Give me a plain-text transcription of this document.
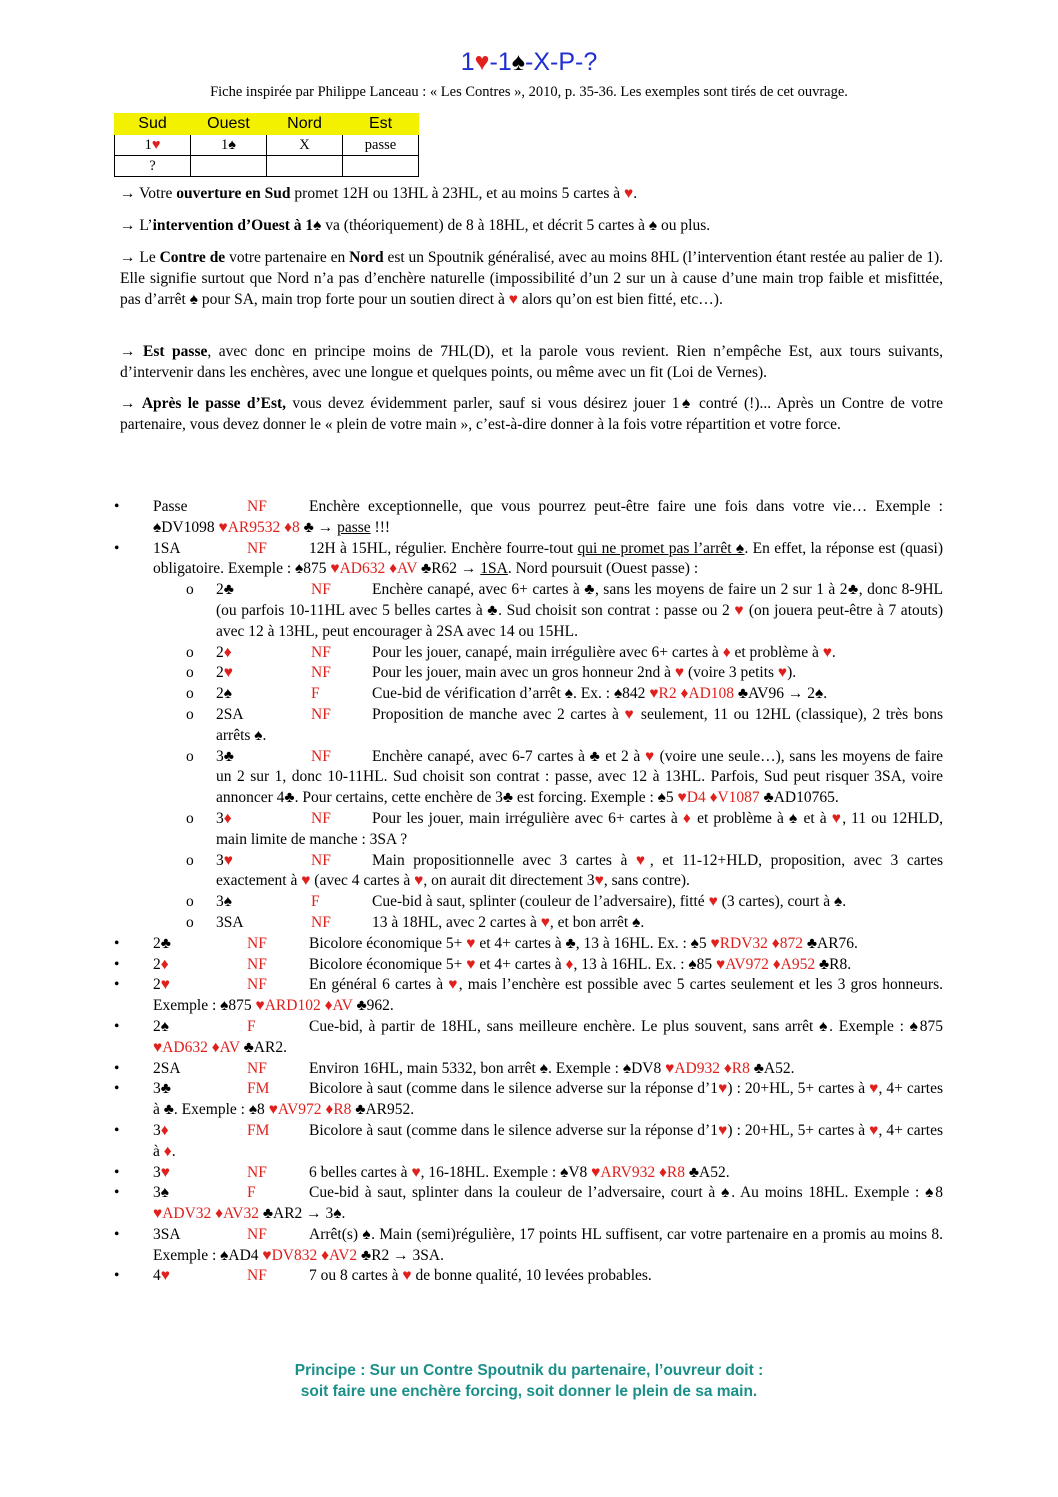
1♥-1♠-X-P-?
Fiche inspirée par Philippe Lanceau : « Les Contres », 2010, p. 35-36. Les exemples sont tirés de cet ouvrage.
Sud	Ouest	Nord	Est
1♥	1♠	X	passe
?			
→ Votre ouverture en Sud promet 12H ou 13HL à 23HL, et au moins 5 cartes à ♥.
→ L’intervention d’Ouest à 1♠ va (théoriquement) de 8 à 18HL, et décrit 5 cartes à ♠ ou plus.
→ Le Contre de votre partenaire en Nord est un Spoutnik généralisé, avec au moins 8HL (l’intervention étant restée au palier de 1). Elle signifie surtout que Nord n’a pas d’enchère naturelle (impossibilité d’un 2 sur un à cause d’une main trop faible et misfittée, pas d’arrêt ♠ pour SA, main trop forte pour un soutien direct à ♥ alors qu’on est bien fitté, etc…).
→ Est passe, avec donc en principe moins de 7HL(D), et la parole vous revient. Rien n’empêche Est, aux tours suivants, d’intervenir dans les enchères, avec une longue et quelques points, ou même avec un fit (Loi de Vernes).
→ Après le passe d’Est, vous devez évidemment parler, sauf si vous désirez jouer 1♠ contré (!)... Après un Contre de votre partenaire, vous devez donner le « plein de votre main », c’est-à-dire donner à la fois votre répartition et votre force.
• Passe	NF	Enchère exceptionnelle, que vous pourrez peut-être faire une fois dans votre vie… Exemple : ♠DV1098 ♥AR9532 ♦8 ♣ → passe !!!
• 1SA	NF	12H à 15HL, régulier. Enchère fourre-tout qui ne promet pas l’arrêt ♠. En effet, la réponse est (quasi) obligatoire. Exemple : ♠875 ♥AD632 ♦AV ♣R62 → 1SA. Nord poursuit (Ouest passe) :
o 2♣	NF	Enchère canapé, avec 6+ cartes à ♣, sans les moyens de faire un 2 sur 1 à 2♣, donc 8-9HL (ou parfois 10-11HL avec 5 belles cartes à ♣. Sud choisit son contrat : passe ou 2 ♥ (on jouera peut-être à 7 atouts) avec 12 à 13HL, peut encourager à 2SA avec 14 ou 15HL.
o 2♦	NF	Pour les jouer, canapé, main irrégulière avec 6+ cartes à ♦ et problème à ♥.
o 2♥	NF	Pour les jouer, main avec un gros honneur 2nd à ♥ (voire 3 petits ♥).
o 2♠	F	Cue-bid de vérification d’arrêt ♠. Ex. : ♠842 ♥R2 ♦AD108 ♣AV96 → 2♠.
o 2SA	NF	Proposition de manche avec 2 cartes à ♥ seulement, 11 ou 12HL (classique), 2 très bons arrêts ♠.
o 3♣	NF	Enchère canapé, avec 6-7 cartes à ♣ et 2 à ♥ (voire une seule…), sans les moyens de faire un 2 sur 1, donc 10-11HL. Sud choisit son contrat : passe, avec 12 à 13HL. Parfois, Sud peut risquer 3SA, voire annoncer 4♣. Pour certains, cette enchère de 3♣ est forcing. Exemple : ♠5 ♥D4 ♦V1087 ♣AD10765.
o 3♦	NF	Pour les jouer, main irrégulière avec 6+ cartes à ♦ et problème à ♠ et à ♥, 11 ou 12HLD, main limite de manche : 3SA ?
o 3♥	NF	Main propositionnelle avec 3 cartes à ♥, et 11-12+HLD, proposition, avec 3 cartes exactement à ♥ (avec 4 cartes à ♥, on aurait dit directement 3♥, sans contre).
o 3♠	F	Cue-bid à saut, splinter (couleur de l’adversaire), fitté ♥ (3 cartes), court à ♠.
o 3SA	NF	13 à 18HL, avec 2 cartes à ♥, et bon arrêt ♠.
• 2♣	NF	Bicolore économique 5+ ♥ et 4+ cartes à ♣, 13 à 16HL. Ex. : ♠5 ♥RDV32 ♦872 ♣AR76.
• 2♦	NF	Bicolore économique 5+ ♥ et 4+ cartes à ♦, 13 à 16HL. Ex. : ♠85 ♥AV972 ♦A952 ♣R8.
• 2♥	NF	En général 6 cartes à ♥, mais l’enchère est possible avec 5 cartes seulement et les 3 gros honneurs. Exemple : ♠875 ♥ARD102 ♦AV ♣962.
• 2♠	F	Cue-bid, à partir de 18HL, sans meilleure enchère. Le plus souvent, sans arrêt ♠. Exemple : ♠875 ♥AD632 ♦AV ♣AR2.
• 2SA	NF	Environ 16HL, main 5332, bon arrêt ♠. Exemple : ♠DV8 ♥AD932 ♦R8 ♣A52.
• 3♣	FM	Bicolore à saut (comme dans le silence adverse sur la réponse d’1♥) : 20+HL, 5+ cartes à ♥, 4+ cartes à ♣. Exemple : ♠8 ♥AV972 ♦R8 ♣AR952.
• 3♦	FM	Bicolore à saut (comme dans le silence adverse sur la réponse d’1♥) : 20+HL, 5+ cartes à ♥, 4+ cartes à ♦.
• 3♥	NF	6 belles cartes à ♥, 16-18HL. Exemple : ♠V8 ♥ARV932 ♦R8 ♣A52.
• 3♠	F	Cue-bid à saut, splinter dans la couleur de l’adversaire, court à ♠. Au moins 18HL. Exemple : ♠8 ♥ADV32 ♦AV32 ♣AR2 → 3♠.
• 3SA	NF	Arrêt(s) ♠. Main (semi)régulière, 17 points HL suffisent, car votre partenaire en a promis au moins 8. Exemple : ♠AD4 ♥DV832 ♦AV2 ♣R2 → 3SA.
• 4♥	NF	7 ou 8 cartes à ♥ de bonne qualité, 10 levées probables.
Principe : Sur un Contre Spoutnik du partenaire, l’ouvreur doit :
soit faire une enchère forcing, soit donner le plein de sa main.
